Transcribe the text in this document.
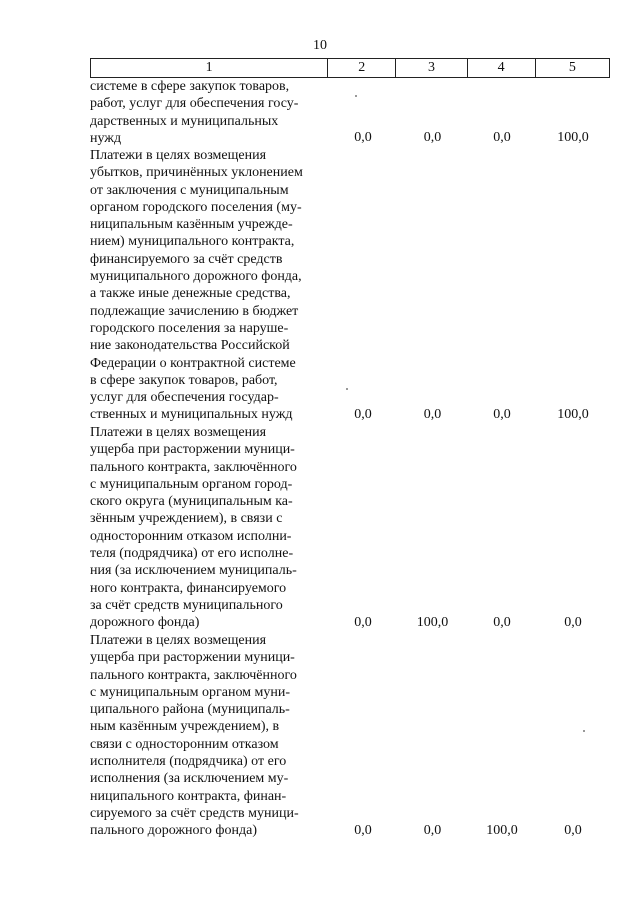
10
1	2	3	4	5
системе в сфере закупок товаров,
работ, услуг для обеспечения госу-
дарственных и муниципальных
нужд	0,0	0,0	0,0	100,0
Платежи в целях возмещения
убытков, причинённых уклонением
от заключения с муниципальным
органом городского поселения (му-
ниципальным казённым учрежде-
нием) муниципального контракта,
финансируемого за счёт средств
муниципального дорожного фонда,
а также иные денежные средства,
подлежащие зачислению в бюджет
городского поселения за наруше-
ние законодательства Российской
Федерации о контрактной системе
в сфере закупок товаров, работ,
услуг для обеспечения государ-
ственных и муниципальных нужд	0,0	0,0	0,0	100,0
Платежи в целях возмещения
ущерба при расторжении муници-
пального контракта, заключённого
с муниципальным органом город-
ского округа (муниципальным ка-
зённым учреждением), в связи с
односторонним отказом исполни-
теля (подрядчика) от его исполне-
ния (за исключением муниципаль-
ного контракта, финансируемого
за счёт средств муниципального
дорожного фонда)	0,0	100,0	0,0	0,0
Платежи в целях возмещения
ущерба при расторжении муници-
пального контракта, заключённого
с муниципальным органом муни-
ципального района (муниципаль-
ным казённым учреждением), в
связи с односторонним отказом
исполнителя (подрядчика) от его
исполнения (за исключением му-
ниципального контракта, финан-
сируемого за счёт средств муници-
пального дорожного фонда)	0,0	0,0	100,0	0,0
